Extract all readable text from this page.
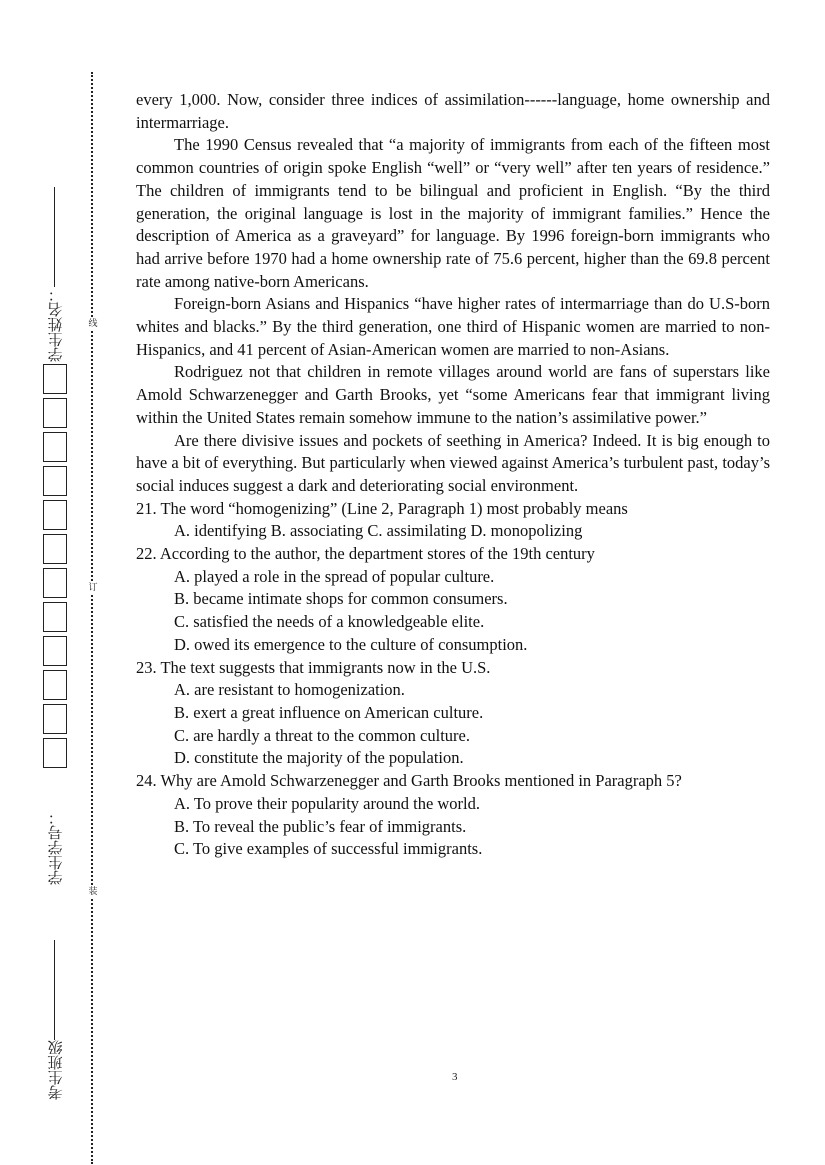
线
订
装
学生姓名：
学生学号：
考生班级

every 1,000. Now, consider three indices of assimilation------language, home ownership and intermarriage.

The 1990 Census revealed that “a majority of immigrants from each of the fifteen most common countries of origin spoke English “well” or “very well” after ten years of residence.” The children of immigrants tend to be bilingual and proficient in English. “By the third generation, the original language is lost in the majority of immigrant families.” Hence the description of America as a graveyard” for language. By 1996 foreign-born immigrants who had arrive before 1970 had a home ownership rate of 75.6 percent, higher than the 69.8 percent rate among native-born Americans.

Foreign-born Asians and Hispanics “have higher rates of intermarriage than do U.S-born whites and blacks.” By the third generation, one third of Hispanic women are married to non-Hispanics, and 41 percent of Asian-American women are married to non-Asians.

Rodriguez not that children in remote villages around world are fans of superstars like Amold Schwarzenegger and Garth Brooks, yet “some Americans fear that immigrant living within the United States remain somehow immune to the nation’s assimilative power.”

Are there divisive issues and pockets of seething in America? Indeed. It is big enough to have a bit of everything. But particularly when viewed against America’s turbulent past, today’s social induces suggest a dark and deteriorating social environment.

21. The word “homogenizing” (Line 2, Paragraph 1) most probably means

A. identifying B. associating C. assimilating D. monopolizing

22. According to the author, the department stores of the 19th century

A. played a role in the spread of popular culture.

B. became intimate shops for common consumers.

C. satisfied the needs of a knowledgeable elite.

D. owed its emergence to the culture of consumption.

23. The text suggests that immigrants now in the U.S.

A. are resistant to homogenization.

B. exert a great influence on American culture.

C. are hardly a threat to the common culture.

D. constitute the majority of the population.

24. Why are Amold Schwarzenegger and Garth Brooks mentioned in Paragraph 5?

A. To prove their popularity around the world.

B. To reveal the public’s fear of immigrants.

C. To give examples of successful immigrants.

3
